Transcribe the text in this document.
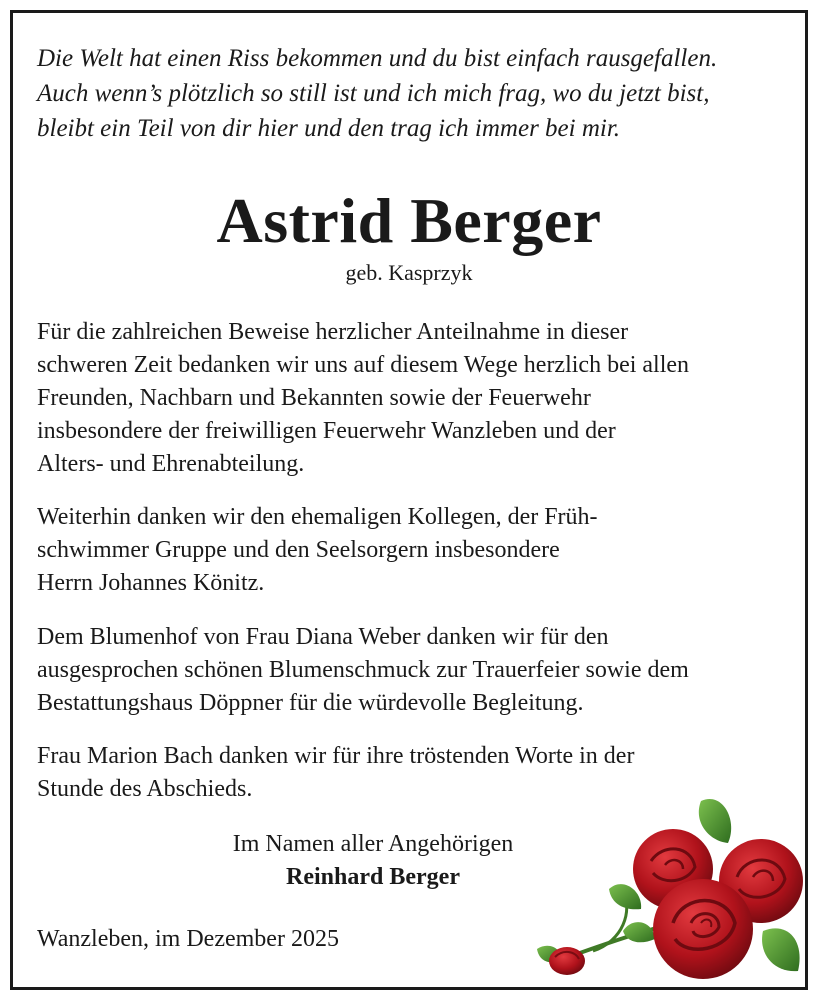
Die Welt hat einen Riss bekommen und du bist einfach rausgefallen.
Auch wenn’s plötzlich so still ist und ich mich frag, wo du jetzt bist,
bleibt ein Teil von dir hier und den trag ich immer bei mir.
Astrid Berger
geb. Kasprzyk
Für die zahlreichen Beweise herzlicher Anteilnahme in dieser
schweren Zeit bedanken wir uns auf diesem Wege herzlich bei allen
Freunden, Nachbarn und Bekannten sowie der Feuerwehr
insbesondere der freiwilligen Feuerwehr Wanzleben und der
Alters- und Ehrenabteilung.
Weiterhin danken wir den ehemaligen Kollegen, der Früh-
schwimmer Gruppe und den Seelsorgern insbesondere
Herrn Johannes Könitz.
Dem Blumenhof von Frau Diana Weber danken wir für den
ausgesprochen schönen Blumenschmuck zur Trauerfeier sowie dem
Bestattungshaus Döppner für die würdevolle Begleitung.
Frau Marion Bach danken wir für ihre tröstenden Worte in der
Stunde des Abschieds.
Im Namen aller Angehörigen
Reinhard Berger
Wanzleben, im Dezember 2025
